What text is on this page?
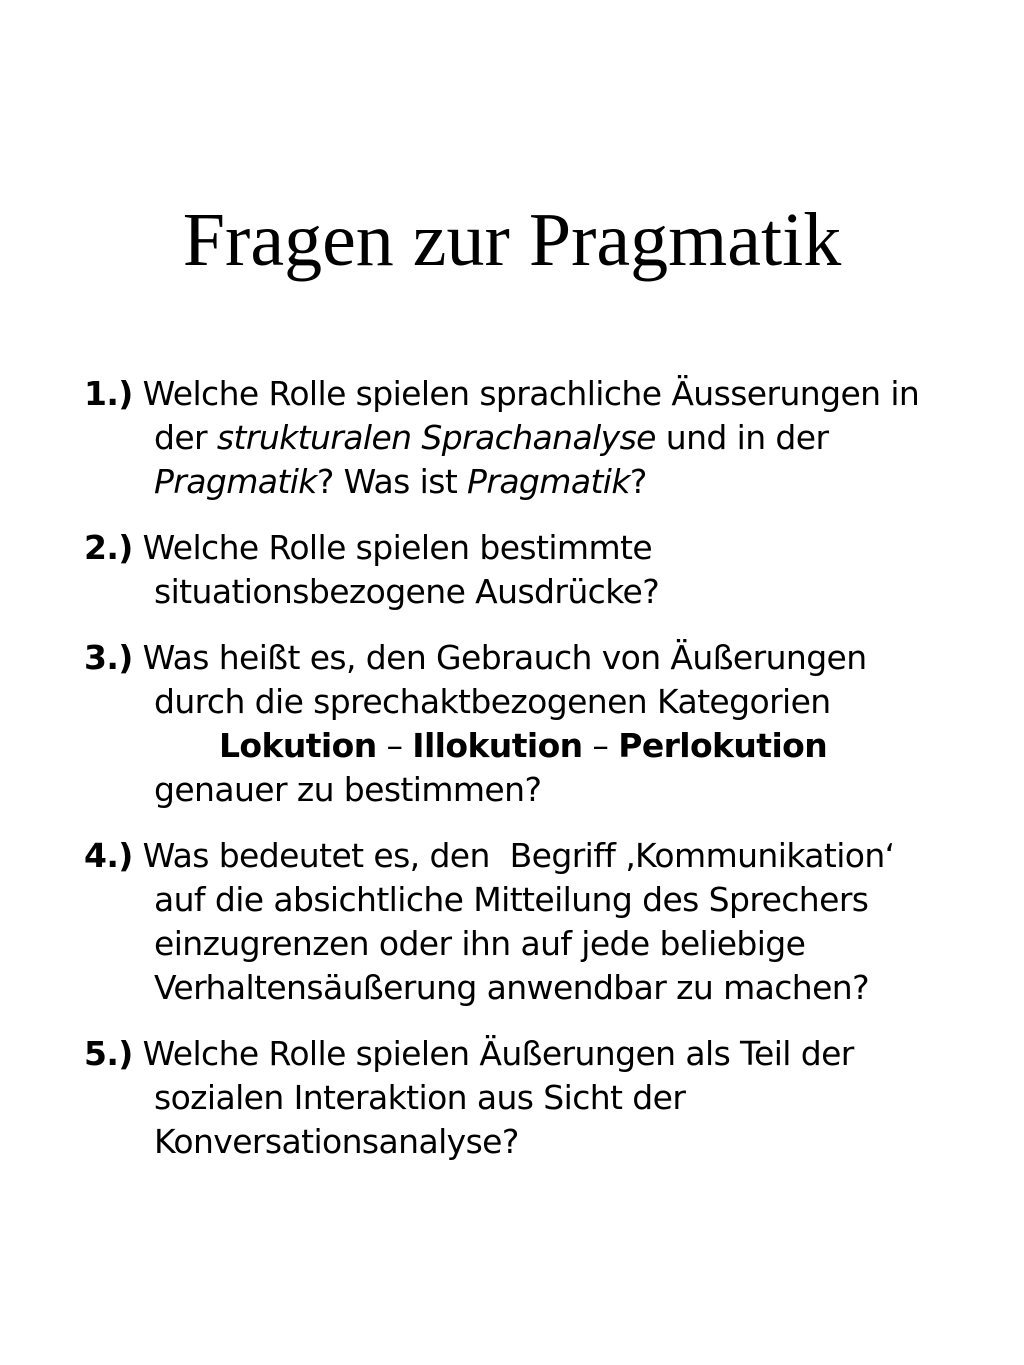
Fragen zur Pragmatik
1.) Welche Rolle spielen sprachliche Äusserungen in
der strukturalen Sprachanalyse und in der
Pragmatik? Was ist Pragmatik?
2.) Welche Rolle spielen bestimmte
situationsbezogene Ausdrücke?
3.) Was heißt es, den Gebrauch von Äußerungen
durch die sprechaktbezogenen Kategorien
Lokution – Illokution – Perlokution
genauer zu bestimmen?
4.) Was bedeutet es, den  Begriff ‚Kommunikation‘
auf die absichtliche Mitteilung des Sprechers
einzugrenzen oder ihn auf jede beliebige
Verhaltensäußerung anwendbar zu machen?
5.) Welche Rolle spielen Äußerungen als Teil der
sozialen Interaktion aus Sicht der
Konversationsanalyse?
